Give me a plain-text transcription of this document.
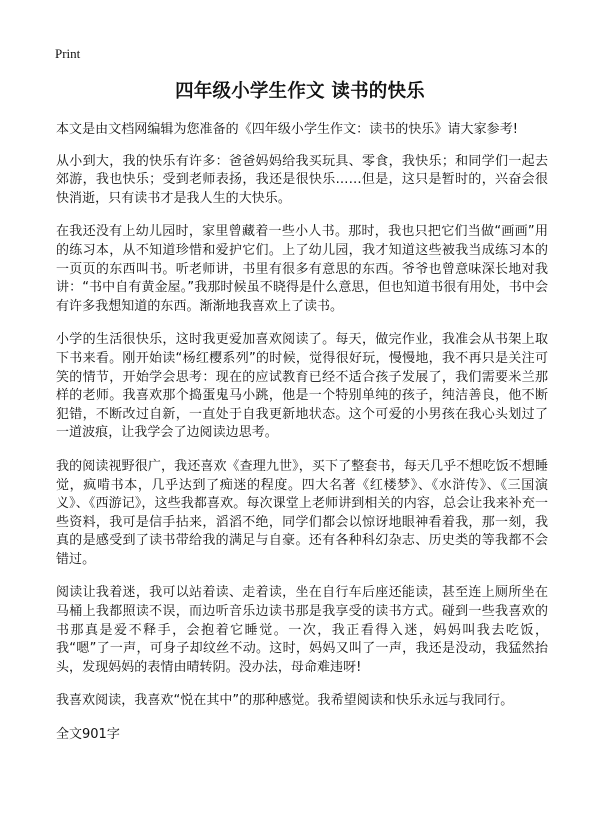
Print
四年级小学生作文 读书的快乐

本文是由文档网编辑为您准备的《四年级小学生作文：读书的快乐》请大家参考!

从小到大，我的快乐有许多：爸爸妈妈给我买玩具、零食，我快乐；和同学们一起去郊游，我也快乐；受到老师表扬，我还是很快乐……但是，这只是暂时的，兴奋会很快消逝，只有读书才是我人生的大快乐。

在我还没有上幼儿园时，家里曾藏着一些小人书。那时，我也只把它们当做“画画”用的练习本，从不知道珍惜和爱护它们。上了幼儿园，我才知道这些被我当成练习本的一页页的东西叫书。听老师讲，书里有很多有意思的东西。爷爷也曾意味深长地对我讲：“书中自有黄金屋。”我那时候虽不晓得是什么意思，但也知道书很有用处，书中会有许多我想知道的东西。渐渐地我喜欢上了读书。

小学的生活很快乐，这时我更爱加喜欢阅读了。每天，做完作业，我准会从书架上取下书来看。刚开始读“杨红樱系列”的时候，觉得很好玩，慢慢地，我不再只是关注可笑的情节，开始学会思考：现在的应试教育已经不适合孩子发展了，我们需要米兰那样的老师。我喜欢那个捣蛋鬼马小跳，他是一个特别单纯的孩子，纯洁善良，他不断犯错，不断改过自新，一直处于自我更新地状态。这个可爱的小男孩在我心头划过了一道波痕，让我学会了边阅读边思考。

我的阅读视野很广，我还喜欢《查理九世》，买下了整套书，每天几乎不想吃饭不想睡觉，疯啃书本，几乎达到了痴迷的程度。四大名著《红楼梦》、《水浒传》、《三国演义》、《西游记》，这些我都喜欢。每次课堂上老师讲到相关的内容，总会让我来补充一些资料，我可是信手拈来，滔滔不绝，同学们都会以惊讶地眼神看着我，那一刻，我真的是感受到了读书带给我的满足与自豪。还有各种科幻杂志、历史类的等我都不会错过。

阅读让我着迷，我可以站着读、走着读，坐在自行车后座还能读，甚至连上厕所坐在马桶上我都照读不误，而边听音乐边读书那是我享受的读书方式。碰到一些我喜欢的书那真是爱不释手，会抱着它睡觉。一次，我正看得入迷，妈妈叫我去吃饭，我“嗯”了一声，可身子却纹丝不动。这时，妈妈又叫了一声，我还是没动，我猛然抬头，发现妈妈的表情由晴转阴。没办法，母命难违呀!

我喜欢阅读，我喜欢“悦在其中”的那种感觉。我希望阅读和快乐永远与我同行。

全文901字
